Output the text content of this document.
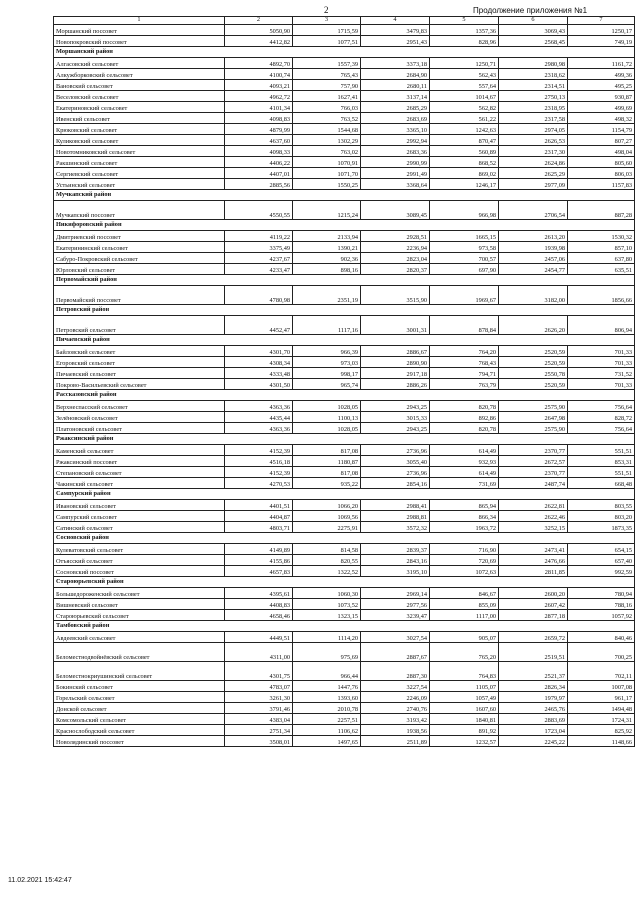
2	Продолжение приложения №1
1	2	3	4	5	6	7
Моршанский поссовет	5050,90	1715,59	3479,83	1357,36	3069,43	1250,17
Новопокровский поссовет	4412,82	1077,51	2951,43	828,96	2568,45	749,19
Моршанский район						
Алгасовский сельсовет	4892,70	1557,39	3373,18	1250,71	2980,98	1161,72
Алкужборковский сельсовет	4100,74	765,43	2684,90	562,43	2318,62	499,36
Вановский сельсовет	4093,21	757,90	2680,11	557,64	2314,51	495,25
Веселовский сельсовет	4962,72	1627,41	3137,14	1014,67	2750,13	930,87
Екатериновский сельсовет	4101,34	766,03	2685,29	562,82	2318,95	499,69
Ивенский сельсовет	4098,83	763,52	2683,69	561,22	2317,58	498,32
Крюковский сельсовет	4879,99	1544,68	3365,10	1242,63	2974,05	1154,79
Куликовский сельсовет	4637,60	1302,29	2992,94	870,47	2626,53	807,27
Новотомниковский сельсовет	4098,33	763,02	2683,36	560,89	2317,30	498,04
Ракшинский сельсовет	4406,22	1070,91	2990,99	868,52	2624,86	805,60
Сергиевский сельсовет	4407,01	1071,70	2991,49	869,02	2625,29	806,03
Устьинский сельсовет	2885,56	1550,25	3368,64	1246,17	2977,09	1157,83
Мучкапский район						
Мучкапский поссовет	4550,55	1215,24	3089,45	966,98	2706,54	887,28
Никифоровский район						
Дмитриевский поссовет	4119,22	2133,94	2928,51	1665,15	2613,20	1530,32
Екатерининский сельсовет	3375,49	1390,21	2236,94	973,58	1939,98	857,10
Сабуро-Покровский сельсовет	4237,67	902,36	2823,04	700,57	2457,06	637,80
Юрловский сельсовет	4233,47	898,16	2820,37	697,90	2454,77	635,51
Первомайский район						
Первомайский поссовет	4780,98	2351,19	3515,90	1969,67	3182,00	1856,66
Петровский район						
Петровский сельсовет	4452,47	1117,16	3001,31	878,84	2626,20	806,94
Пичаевский район						
Байловский сельсовет	4301,70	966,39	2886,67	764,20	2520,59	701,33
Егоровский сельсовет	4308,34	973,03	2890,90	768,43	2520,59	701,33
Пичаевский сельсовет	4333,48	998,17	2917,18	794,71	2550,78	731,52
Покрово-Васильевский сельсовет	4301,50	965,74	2886,26	763,79	2520,59	701,33
Рассказовский район						
Верхнеспасский сельсовет	4363,36	1028,05	2943,25	820,78	2575,90	756,64
Зелёновский сельсовет	4435,44	1100,13	3015,33	892,86	2647,98	828,72
Платоновский сельсовет	4363,36	1028,05	2943,25	820,78	2575,90	756,64
Ржаксинский район						
Каменский сельсовет	4152,39	817,08	2736,96	614,49	2370,77	551,51
Ржаксинский поссовет	4516,18	1180,87	3055,40	932,93	2672,57	853,31
Степановский сельсовет	4152,39	817,08	2736,96	614,49	2370,77	551,51
Чакинский сельсовет	4270,53	935,22	2854,16	731,69	2487,74	668,48
Сампурский район						
Ивановский сельсовет	4401,51	1066,20	2988,41	865,94	2622,81	803,55
Сампурский сельсовет	4404,87	1069,56	2988,81	866,34	2622,46	803,20
Сатинский сельсовет	4803,71	2275,91	3572,32	1963,72	3252,15	1873,35
Сосновский район						
Кулеватовский сельсовет	4149,89	814,58	2839,37	716,90	2473,41	654,15
Отъясский сельсовет	4155,86	820,55	2843,16	720,69	2476,66	657,40
Сосновский поссовет	4657,83	1322,52	3195,10	1072,63	2811,85	992,59
Староюрьевский район						
Большедороженский сельсовет	4395,61	1060,30	2969,14	846,67	2600,20	780,94
Вишневский сельсовет	4408,83	1073,52	2977,56	855,09	2607,42	788,16
Староюрьевский сельсовет	4658,46	1323,15	3239,47	1117,00	2877,18	1057,92
Тамбовский район						
Авдеевский сельсовет	4449,51	1114,20	3027,54	905,07	2659,72	840,46
Беломестнодвойнёвский сельсовет	4311,00	975,69	2887,67	765,20	2519,51	700,25
Беломестнокриушинский сельсовет	4301,75	966,44	2887,30	764,83	2521,37	702,11
Бокинский сельсовет	4783,07	1447,76	3227,54	1105,07	2826,34	1007,08
Горельский сельсовет	3261,30	1393,60	2246,09	1057,49	1979,97	961,17
Донской сельсовет	3791,46	2010,78	2740,76	1607,60	2465,76	1494,48
Комсомольский сельсовет	4383,04	2257,51	3193,42	1840,81	2883,69	1724,31
Краснослободский сельсовет	2751,34	1106,62	1938,56	891,92	1723,04	825,92
Новолядинский поссовет	3508,01	1497,65	2511,89	1232,57	2245,22	1148,66
11.02.2021 15:42:47
